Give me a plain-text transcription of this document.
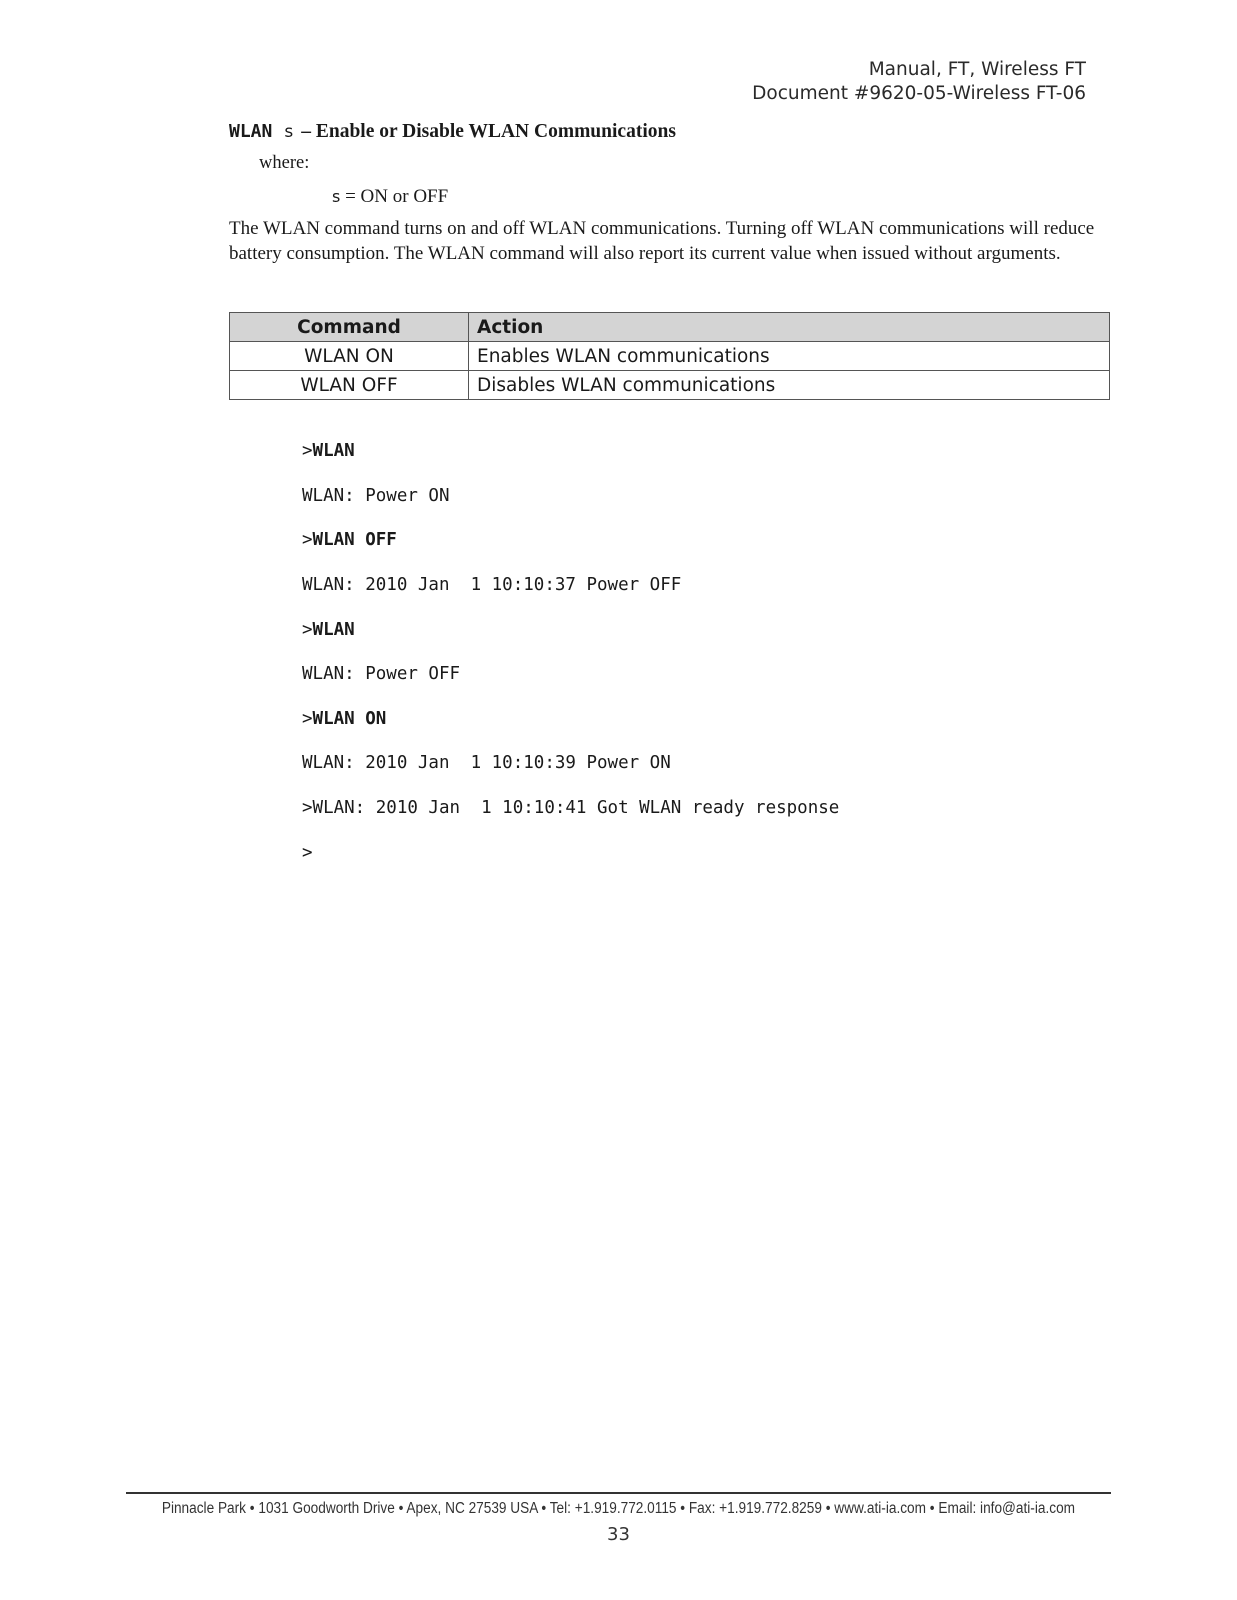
Manual, FT, Wireless FT
Document #9620-05-Wireless FT-06
WLAN s – Enable or Disable WLAN Communications
where:
s = ON or OFF
The WLAN command turns on and off WLAN communications. Turning off WLAN communications will reduce battery consumption. The WLAN command will also report its current value when issued without arguments.
Command	Action
WLAN ON	Enables WLAN communications
WLAN OFF	Disables WLAN communications

>WLAN

WLAN: Power ON

>WLAN OFF

WLAN: 2010 Jan  1 10:10:37 Power OFF

>WLAN

WLAN: Power OFF

>WLAN ON

WLAN: 2010 Jan  1 10:10:39 Power ON

>WLAN: 2010 Jan  1 10:10:41 Got WLAN ready response

>

Pinnacle Park • 1031 Goodworth Drive • Apex, NC 27539 USA • Tel: +1.919.772.0115 • Fax: +1.919.772.8259 • www.ati-ia.com • Email: info@ati-ia.com
33
